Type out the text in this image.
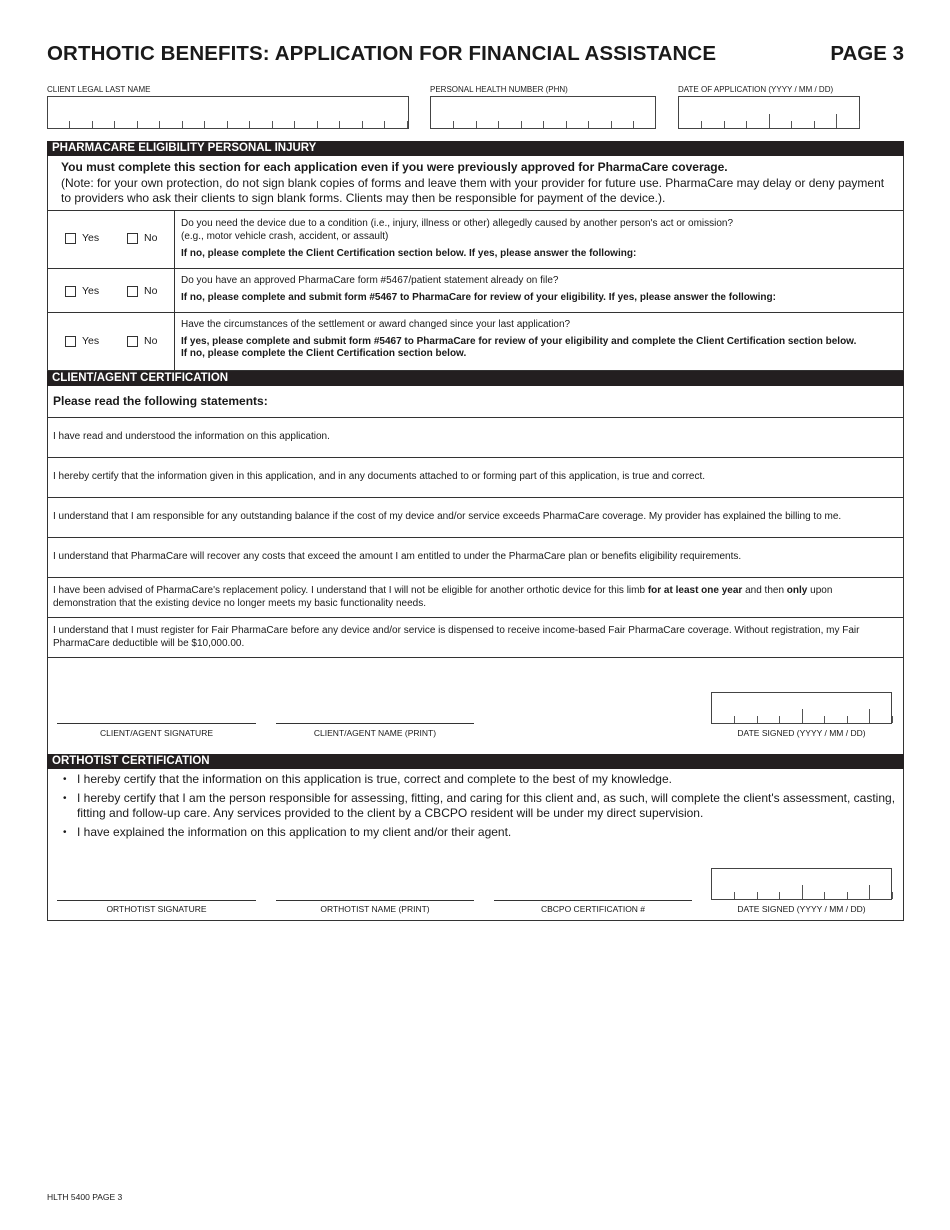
ORTHOTIC BENEFITS: APPLICATION FOR FINANCIAL ASSISTANCE	PAGE 3
CLIENT LEGAL LAST NAME	PERSONAL HEALTH NUMBER (PHN)	DATE OF APPLICATION (YYYY / MM / DD)
PHARMACARE ELIGIBILITY PERSONAL INJURY
You must complete this section for each application even if you were previously approved for PharmaCare coverage.
(Note: for your own protection, do not sign blank copies of forms and leave them with your provider for future use. PharmaCare may delay or deny payment to providers who ask their clients to sign blank forms. Clients may then be responsible for payment of the device.).
Yes	No
Do you need the device due to a condition (i.e., injury, illness or other) allegedly caused by another person's act or omission?
(e.g., motor vehicle crash, accident, or assault)
If no, please complete the Client Certification section below. If yes, please answer the following:
Yes	No
Do you have an approved PharmaCare form #5467/patient statement already on file?
If no, please complete and submit form #5467 to PharmaCare for review of your eligibility. If yes, please answer the following:
Yes	No
Have the circumstances of the settlement or award changed since your last application?
If yes, please complete and submit form #5467 to PharmaCare for review of your eligibility and complete the Client Certification section below.
If no, please complete the Client Certification section below.
CLIENT/AGENT CERTIFICATION
Please read the following statements:
I have read and understood the information on this application.
I hereby certify that the information given in this application, and in any documents attached to or forming part of this application, is true and correct.
I understand that I am responsible for any outstanding balance if the cost of my device and/or service exceeds PharmaCare coverage. My provider has explained the billing to me.
I understand that PharmaCare will recover any costs that exceed the amount I am entitled to under the PharmaCare plan or benefits eligibility requirements.
I have been advised of PharmaCare's replacement policy. I understand that I will not be eligible for another orthotic device for this limb for at least one year and then only upon demonstration that the existing device no longer meets my basic functionality needs.
I understand that I must register for Fair PharmaCare before any device and/or service is dispensed to receive income-based Fair PharmaCare coverage. Without registration, my Fair PharmaCare deductible will be $10,000.00.
CLIENT/AGENT SIGNATURE	CLIENT/AGENT NAME (PRINT)	DATE SIGNED (YYYY / MM / DD)
ORTHOTIST CERTIFICATION
• I hereby certify that the information on this application is true, correct and complete to the best of my knowledge.
• I hereby certify that I am the person responsible for assessing, fitting, and caring for this client and, as such, will complete the client's assessment, casting, fitting and follow-up care. Any services provided to the client by a CBCPO resident will be under my direct supervision.
• I have explained the information on this application to my client and/or their agent.
ORTHOTIST SIGNATURE	ORTHOTIST NAME (PRINT)	CBCPO CERTIFICATION #	DATE SIGNED (YYYY / MM / DD)
HLTH 5400 PAGE 3
